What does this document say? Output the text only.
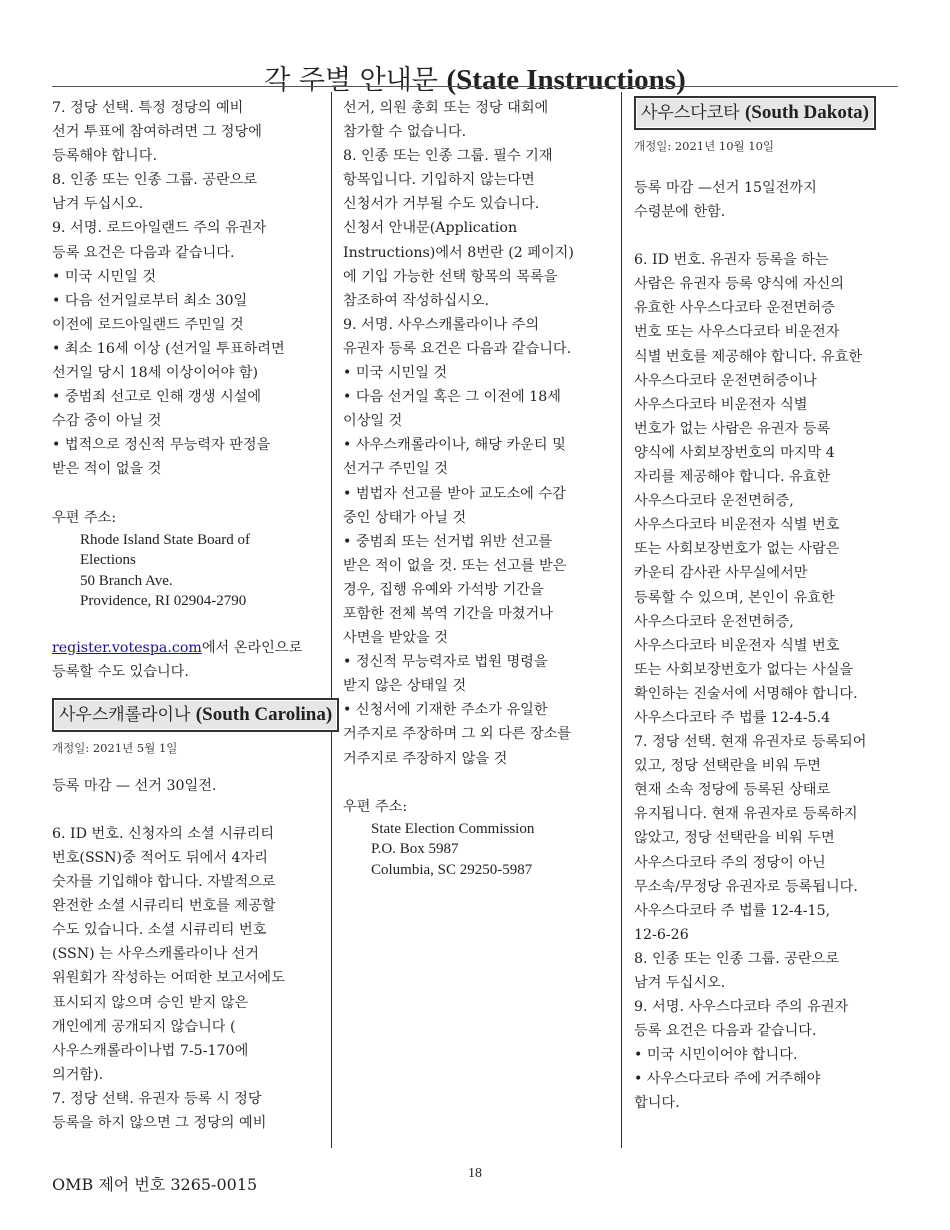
각 주별 안내문 (State Instructions)
7. 정당 선택. 특정 정당의 예비
선거 투표에 참여하려면 그 정당에
등록해야 합니다.
8. 인종 또는 인종 그룹. 공란으로
남겨 두십시오.
9. 서명. 로드아일랜드 주의 유권자
등록 요건은 다음과 같습니다.
• 미국 시민일 것
• 다음 선거일로부터 최소 30일
이전에 로드아일랜드 주민일 것
• 최소 16세 이상 (선거일 투표하려면
선거일 당시 18세 이상이어야 함)
• 중범죄 선고로 인해 갱생 시설에
수감 중이 아닐 것
• 법적으로 정신적 무능력자 판정을
받은 적이 없을 것

우편 주소:

Rhode Island State Board of
Elections
50 Branch Ave.
Providence, RI 02904-2790

register.votespa.com에서 온라인으로
등록할 수도 있습니다.

사우스캐롤라이나 (South Carolina)

개정일: 2021년 5월 1일

등록 마감 — 선거 30일전.

6. ID 번호. 신청자의 소셜 시큐리티
번호(SSN)중 적어도 뒤에서 4자리
숫자를 기입해야 합니다. 자발적으로
완전한 소셜 시큐리티 번호를 제공할
수도 있습니다. 소셜 시큐리티 번호
(SSN) 는 사우스캐롤라이나 선거
위원회가 작성하는 어떠한 보고서에도
표시되지 않으며 승인 받지 않은
개인에게 공개되지 않습니다 (
사우스캐롤라이나법 7-5-170에
의거함).
7. 정당 선택. 유권자 등록 시 정당
등록을 하지 않으면 그 정당의 예비
선거, 의원 총회 또는 정당 대회에
참가할 수 없습니다.
8. 인종 또는 인종 그룹. 필수 기재
항목입니다. 기입하지 않는다면
신청서가 거부될 수도 있습니다.
신청서 안내문(Application
Instructions)에서 8번란 (2 페이지)
에 기입 가능한 선택 항목의 목록을
참조하여 작성하십시오.
9. 서명. 사우스캐롤라이나 주의
유권자 등록 요건은 다음과 같습니다.
• 미국 시민일 것
• 다음 선거일 혹은 그 이전에 18세
이상일 것
• 사우스캐롤라이나, 해당 카운티 및
선거구 주민일 것
• 범법자 선고를 받아 교도소에 수감
중인 상태가 아닐 것
• 중범죄 또는 선거법 위반 선고를
받은 적이 없을 것. 또는 선고를 받은
경우, 집행 유예와 가석방 기간을
포함한 전체 복역 기간을 마쳤거나
사면을 받았을 것
• 정신적 무능력자로 법원 명령을
받지 않은 상태일 것
• 신청서에 기재한 주소가 유일한
거주지로 주장하며 그 외 다른 장소를
거주지로 주장하지 않을 것

우편 주소:

State Election Commission
P.O. Box 5987
Columbia, SC 29250-5987
사우스다코타 (South Dakota)

개정일: 2021년 10월 10일

등록 마감 —선거 15일전까지
수령분에 한함.
6. ID 번호. 유권자 등록을 하는
사람은 유권자 등록 양식에 자신의
유효한 사우스다코타 운전면허증
번호 또는 사우스다코타 비운전자
식별 번호를 제공해야 합니다. 유효한
사우스다코타 운전면허증이나
사우스다코타 비운전자 식별
번호가 없는 사람은 유권자 등록
양식에 사회보장번호의 마지막 4
자리를 제공해야 합니다. 유효한
사우스다코타 운전면허증,
사우스다코타 비운전자 식별 번호
또는 사회보장번호가 없는 사람은
카운티 감사관 사무실에서만
등록할 수 있으며, 본인이 유효한
사우스다코타 운전면허증,
사우스다코타 비운전자 식별 번호
또는 사회보장번호가 없다는 사실을
확인하는 진술서에 서명해야 합니다.
사우스다코타 주 법률 12-4-5.4
7. 정당 선택. 현재 유권자로 등록되어
있고, 정당 선택란을 비워 두면
현재 소속 정당에 등록된 상태로
유지됩니다. 현재 유권자로 등록하지
않았고, 정당 선택란을 비워 두면
사우스다코타 주의 정당이 아닌
무소속/무정당 유권자로 등록됩니다.
사우스다코타 주 법률 12-4-15,
12-6-26
8. 인종 또는 인종 그룹. 공란으로
남겨 두십시오.
9. 서명. 사우스다코타 주의 유권자
등록 요건은 다음과 같습니다.
• 미국 시민이어야 합니다.
• 사우스다코타 주에 거주해야
합니다.
OMB 제어 번호 3265-0015
18
